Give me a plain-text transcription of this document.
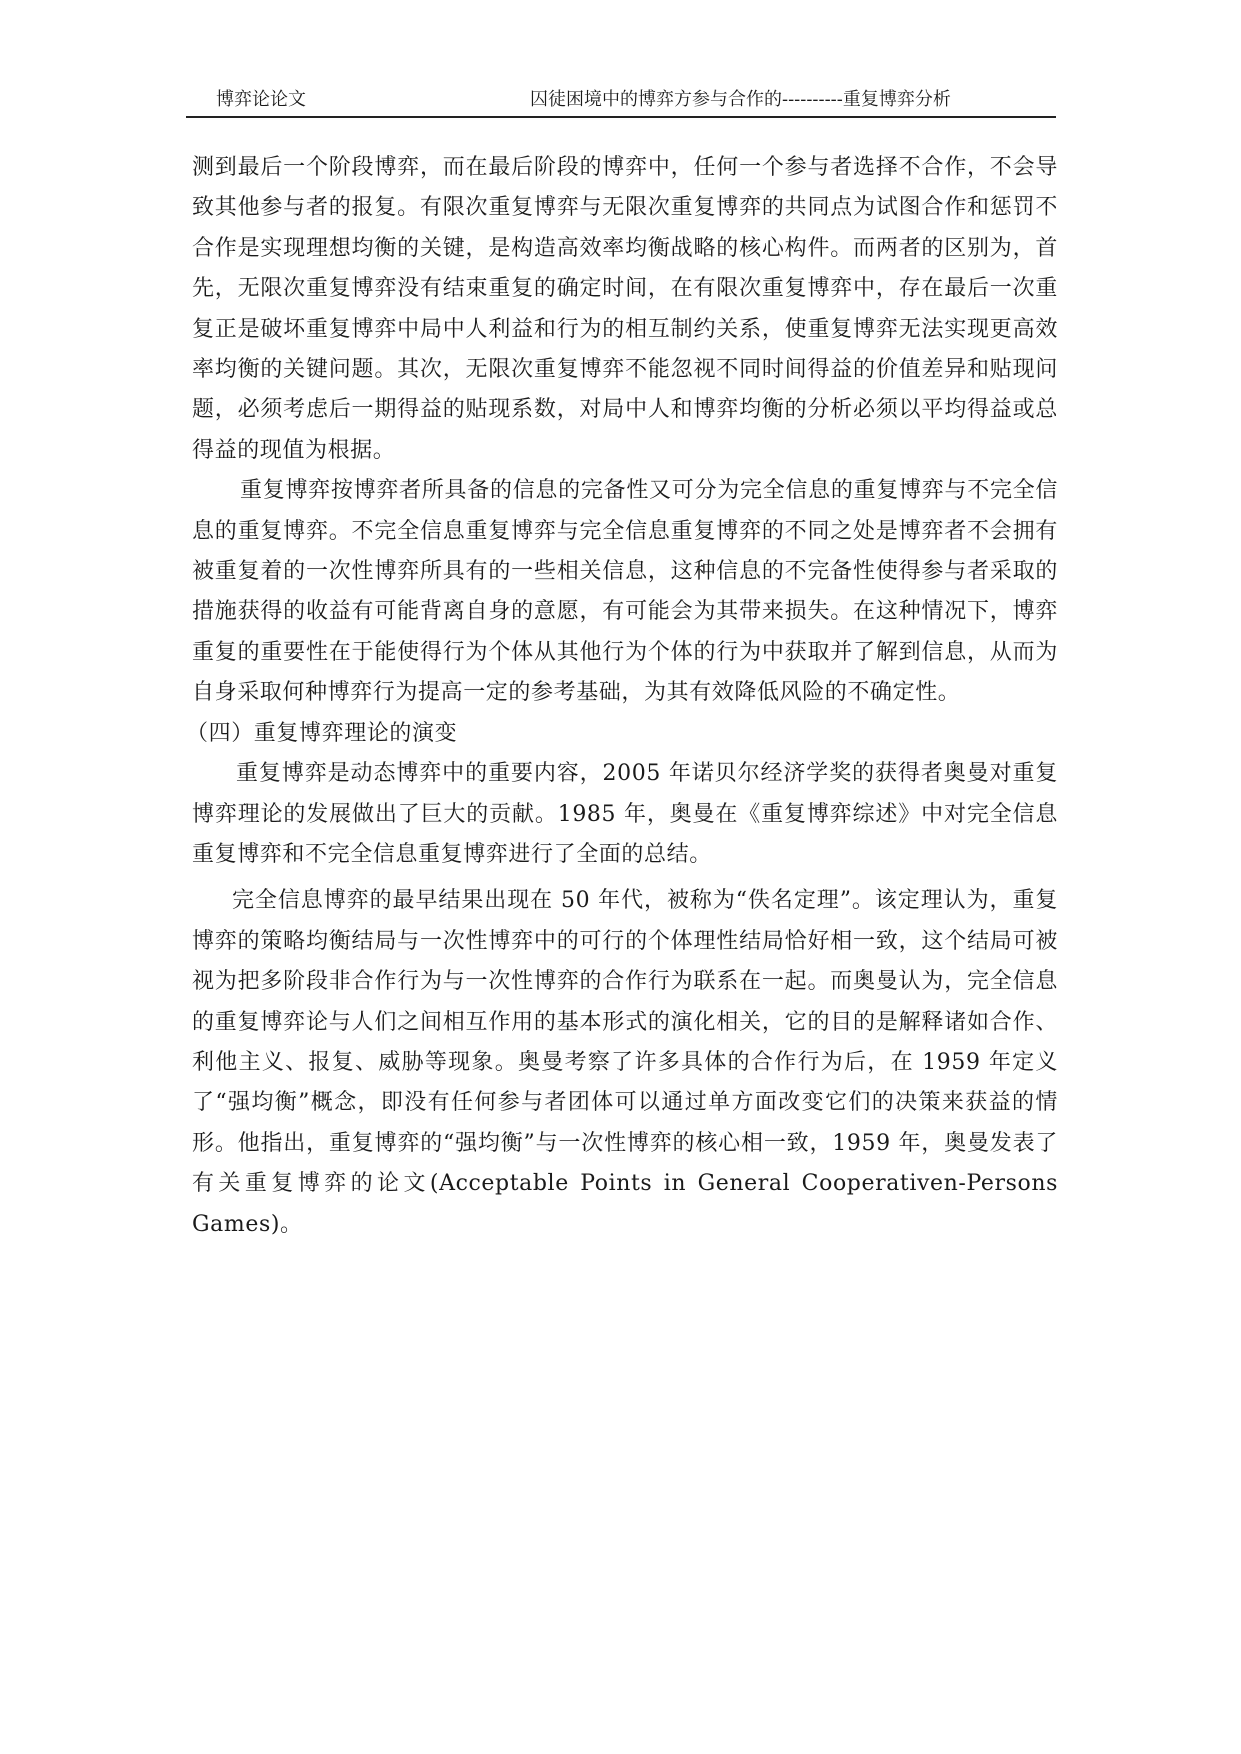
博弈论论文	囚徒困境中的博弈方参与合作的----------重复博弈分析

测到最后一个阶段博弈，而在最后阶段的博弈中，任何一个参与者选择不合作，不会导致其他参与者的报复。有限次重复博弈与无限次重复博弈的共同点为试图合作和惩罚不合作是实现理想均衡的关键，是构造高效率均衡战略的核心构件。而两者的区别为，首先，无限次重复博弈没有结束重复的确定时间，在有限次重复博弈中，存在最后一次重复正是破坏重复博弈中局中人利益和行为的相互制约关系，使重复博弈无法实现更高效率均衡的关键问题。其次，无限次重复博弈不能忽视不同时间得益的价值差异和贴现问题，必须考虑后一期得益的贴现系数，对局中人和博弈均衡的分析必须以平均得益或总得益的现值为根据。

重复博弈按博弈者所具备的信息的完备性又可分为完全信息的重复博弈与不完全信息的重复博弈。不完全信息重复博弈与完全信息重复博弈的不同之处是博弈者不会拥有被重复着的一次性博弈所具有的一些相关信息，这种信息的不完备性使得参与者采取的措施获得的收益有可能背离自身的意愿，有可能会为其带来损失。在这种情况下，博弈重复的重要性在于能使得行为个体从其他行为个体的行为中获取并了解到信息，从而为自身采取何种博弈行为提高一定的参考基础，为其有效降低风险的不确定性。

（四）重复博弈理论的演变

重复博弈是动态博弈中的重要内容，2005 年诺贝尔经济学奖的获得者奥曼对重复博弈理论的发展做出了巨大的贡献。1985 年，奥曼在《重复博弈综述》中对完全信息重复博弈和不完全信息重复博弈进行了全面的总结。

完全信息博弈的最早结果出现在 50 年代，被称为“佚名定理”。该定理认为，重复博弈的策略均衡结局与一次性博弈中的可行的个体理性结局恰好相一致，这个结局可被视为把多阶段非合作行为与一次性博弈的合作行为联系在一起。而奥曼认为，完全信息的重复博弈论与人们之间相互作用的基本形式的演化相关，它的目的是解释诸如合作、利他主义、报复、威胁等现象。奥曼考察了许多具体的合作行为后，在 1959 年定义了“强均衡”概念，即没有任何参与者团体可以通过单方面改变它们的决策来获益的情形。他指出，重复博弈的“强均衡”与一次性博弈的核心相一致，1959 年，奥曼发表了有关重复博弈的论文(Acceptable Points in General Cooperativen-Persons Games)。
